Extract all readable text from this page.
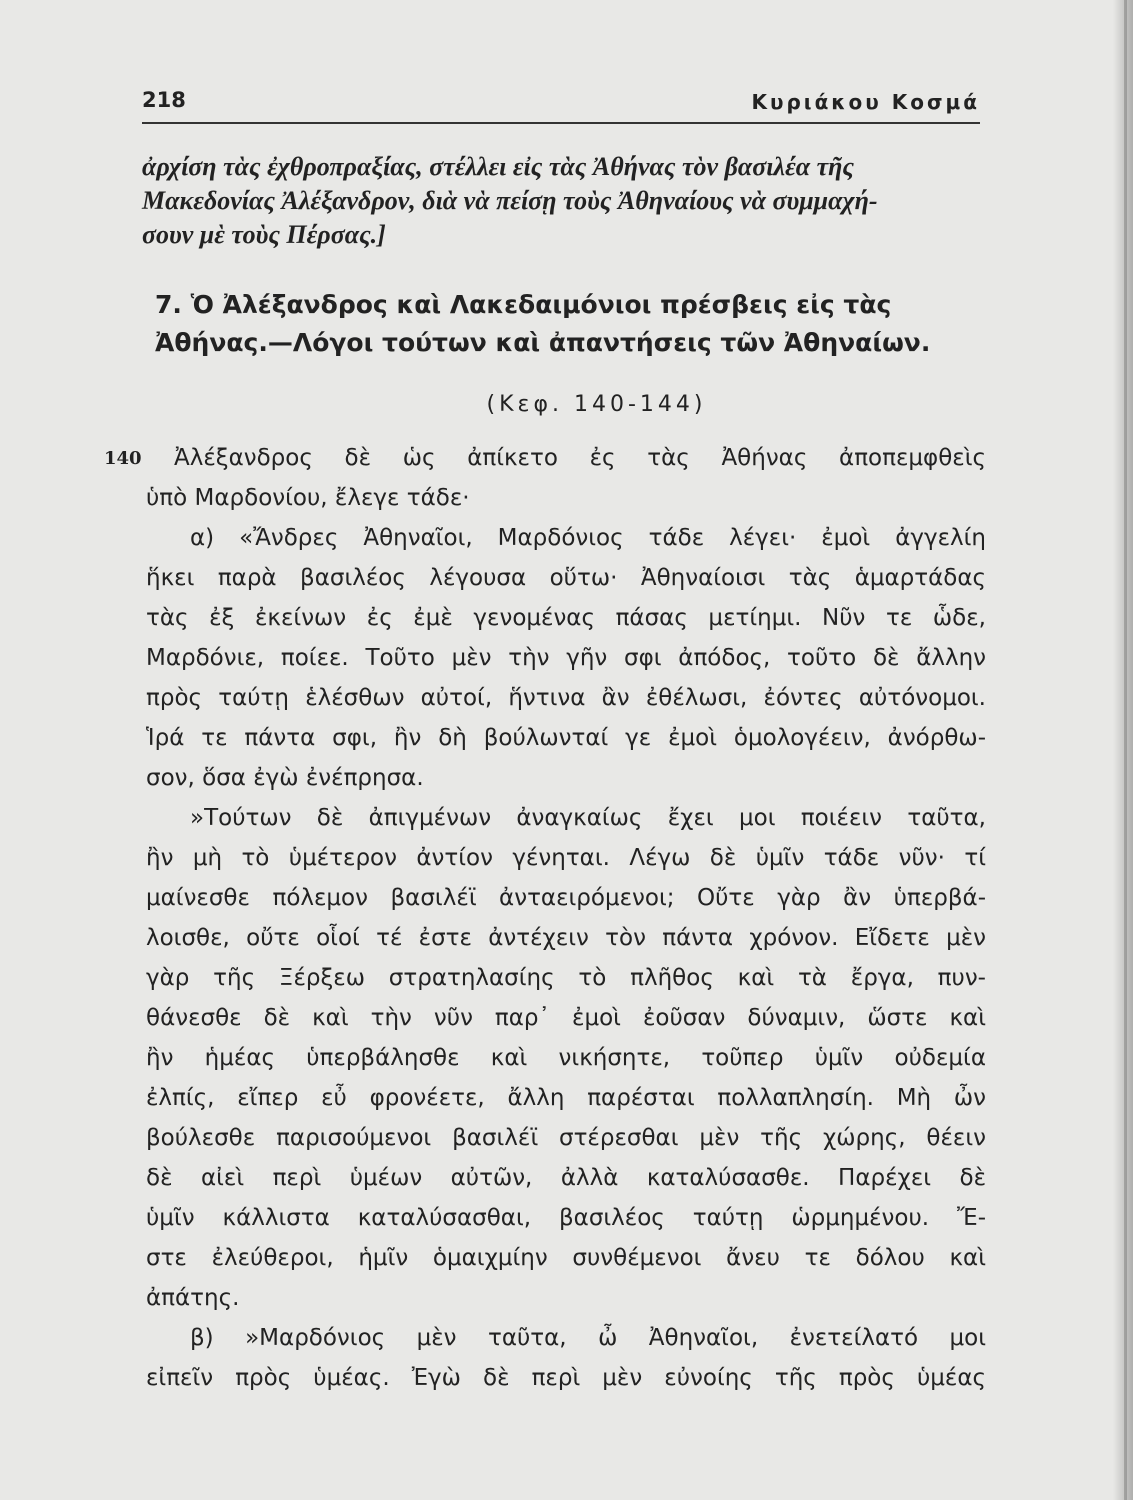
218	Κυριάκου Κοσμά
ἀρχίση τὰς ἐχθροπραξίας, στέλλει εἰς τὰς Ἀθήνας τὸν βασιλέα τῆς
Μακεδονίας Ἀλέξανδρον, διὰ νὰ πείσῃ τοὺς Ἀθηναίους νὰ συμμαχή-
σουν μὲ τοὺς Πέρσας.]
7. Ὁ Ἀλέξανδρος καὶ Λακεδαιμόνιοι πρέσβεις εἰς τὰς
Ἀθήνας.—Λόγοι τούτων καὶ ἀπαντήσεις τῶν Ἀθηναίων.
(Κεφ. 140-144)
140	Ἀλέξανδρος δὲ ὡς ἀπίκετο ἐς τὰς Ἀθήνας ἀποπεμφθεὶς
ὑπὸ Μαρδονίου, ἔλεγε τάδε·
α) «Ἄνδρες Ἀθηναῖοι, Μαρδόνιος τάδε λέγει· ἐμοὶ ἀγγελίη
ἥκει παρὰ βασιλέος λέγουσα οὕτω· Ἀθηναίοισι τὰς ἁμαρτάδας
τὰς ἐξ ἐκείνων ἐς ἐμὲ γενομένας πάσας μετίημι. Νῦν τε ὧδε,
Μαρδόνιε, ποίεε. Τοῦτο μὲν τὴν γῆν σφι ἀπόδος, τοῦτο δὲ ἄλλην
πρὸς ταύτῃ ἑλέσθων αὐτοί, ἥντινα ἂν ἐθέλωσι, ἐόντες αὐτόνομοι.
Ἱρά τε πάντα σφι, ἢν δὴ βούλωνταί γε ἐμοὶ ὁμολογέειν, ἀνόρθω-
σον, ὅσα ἐγὼ ἐνέπρησα.
»Τούτων δὲ ἀπιγμένων ἀναγκαίως ἔχει μοι ποιέειν ταῦτα,
ἢν μὴ τὸ ὑμέτερον ἀντίον γένηται. Λέγω δὲ ὑμῖν τάδε νῦν· τί
μαίνεσθε πόλεμον βασιλέϊ ἀνταειρόμενοι; Οὔτε γὰρ ἂν ὑπερβά-
λοισθε, οὔτε οἷοί τέ ἐστε ἀντέχειν τὸν πάντα χρόνον. Εἴδετε μὲν
γὰρ τῆς Ξέρξεω στρατηλασίης τὸ πλῆθος καὶ τὰ ἔργα, πυν-
θάνεσθε δὲ καὶ τὴν νῦν παρ᾽ ἐμοὶ ἐοῦσαν δύναμιν, ὥστε καὶ
ἢν ἡμέας ὑπερβάλησθε καὶ νικήσητε, τοῦπερ ὑμῖν οὐδεμία
ἐλπίς, εἴπερ εὖ φρονέετε, ἄλλη παρέσται πολλαπλησίη. Μὴ ὦν
βούλεσθε παρισούμενοι βασιλέϊ στέρεσθαι μὲν τῆς χώρης, θέειν
δὲ αἰεὶ περὶ ὑμέων αὐτῶν, ἀλλὰ καταλύσασθε. Παρέχει δὲ
ὑμῖν κάλλιστα καταλύσασθαι, βασιλέος ταύτῃ ὡρμημένου. Ἔ-
στε ἐλεύθεροι, ἡμῖν ὁμαιχμίην συνθέμενοι ἄνευ τε δόλου καὶ
ἀπάτης.
β) »Μαρδόνιος μὲν ταῦτα, ὦ Ἀθηναῖοι, ἐνετείλατό μοι
εἰπεῖν πρὸς ὑμέας. Ἐγὼ δὲ περὶ μὲν εὐνοίης τῆς πρὸς ὑμέας
